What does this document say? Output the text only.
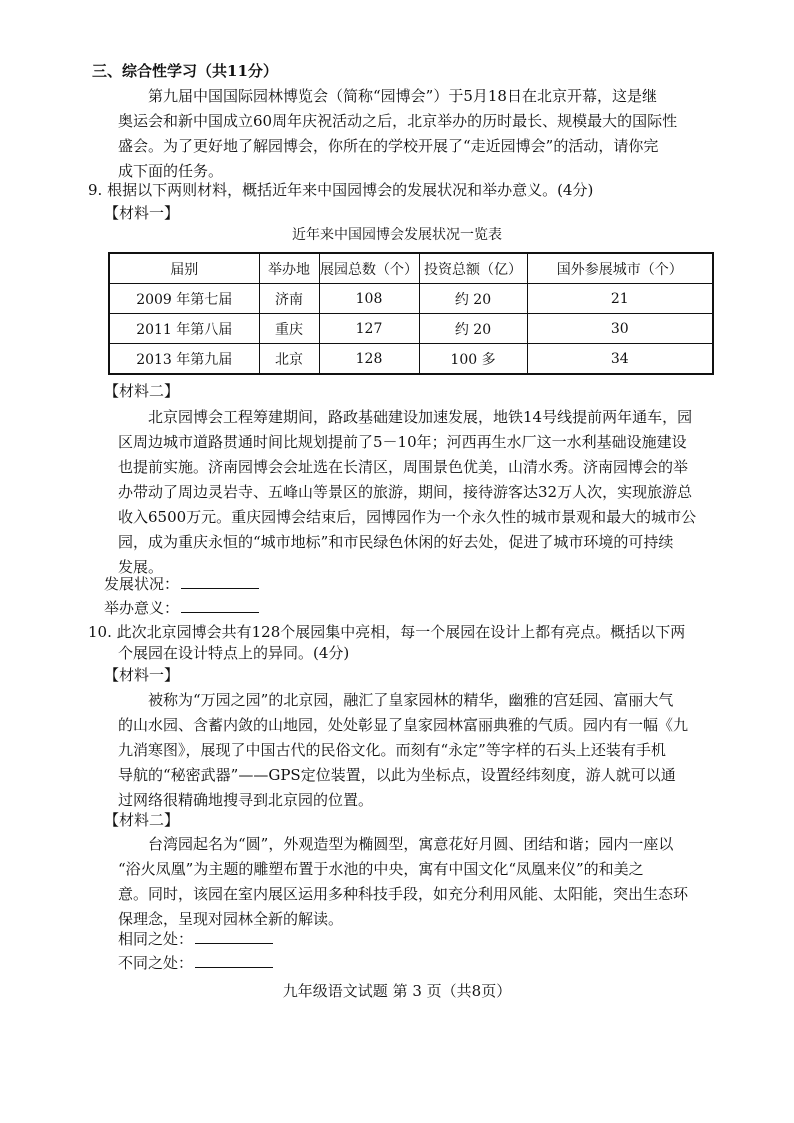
三、综合性学习（共11分）
第九届中国国际园林博览会（简称“园博会”）于5月18日在北京开幕，这是继
奥运会和新中国成立60周年庆祝活动之后，北京举办的历时最长、规模最大的国际性
盛会。为了更好地了解园博会，你所在的学校开展了“走近园博会”的活动，请你完
成下面的任务。
9. 根据以下两则材料，概括近年来中国园博会的发展状况和举办意义。(4分)
【材料一】
近年来中国园博会发展状况一览表
届别	举办地	展园总数（个）	投资总额（亿）	国外参展城市（个）
2009 年第七届	济南	108	约 20	21
2011 年第八届	重庆	127	约 20	30
2013 年第九届	北京	128	100 多	34
【材料二】
北京园博会工程筹建期间，路政基础建设加速发展，地铁14号线提前两年通车，园
区周边城市道路贯通时间比规划提前了5－10年；河西再生水厂这一水利基础设施建设
也提前实施。济南园博会会址选在长清区，周围景色优美，山清水秀。济南园博会的举
办带动了周边灵岩寺、五峰山等景区的旅游，期间，接待游客达32万人次，实现旅游总
收入6500万元。重庆园博会结束后，园博园作为一个永久性的城市景观和最大的城市公
园，成为重庆永恒的“城市地标”和市民绿色休闲的好去处，促进了城市环境的可持续
发展。
发展状况：
举办意义：
10. 此次北京园博会共有128个展园集中亮相，每一个展园在设计上都有亮点。概括以下两
个展园在设计特点上的异同。(4分)
【材料一】
被称为“万园之园”的北京园，融汇了皇家园林的精华，幽雅的宫廷园、富丽大气
的山水园、含蓄内敛的山地园，处处彰显了皇家园林富丽典雅的气质。园内有一幅《九
九消寒图》，展现了中国古代的民俗文化。而刻有“永定”等字样的石头上还装有手机
导航的“秘密武器”——GPS定位装置，以此为坐标点，设置经纬刻度，游人就可以通
过网络很精确地搜寻到北京园的位置。
【材料二】
台湾园起名为“圆”，外观造型为椭圆型，寓意花好月圆、团结和谐；园内一座以
“浴火凤凰”为主题的雕塑布置于水池的中央，寓有中国文化“凤凰来仪”的和美之
意。同时，该园在室内展区运用多种科技手段，如充分利用风能、太阳能，突出生态环
保理念，呈现对园林全新的解读。
相同之处：
不同之处：
九年级语文试题 第 3 页（共8页）
